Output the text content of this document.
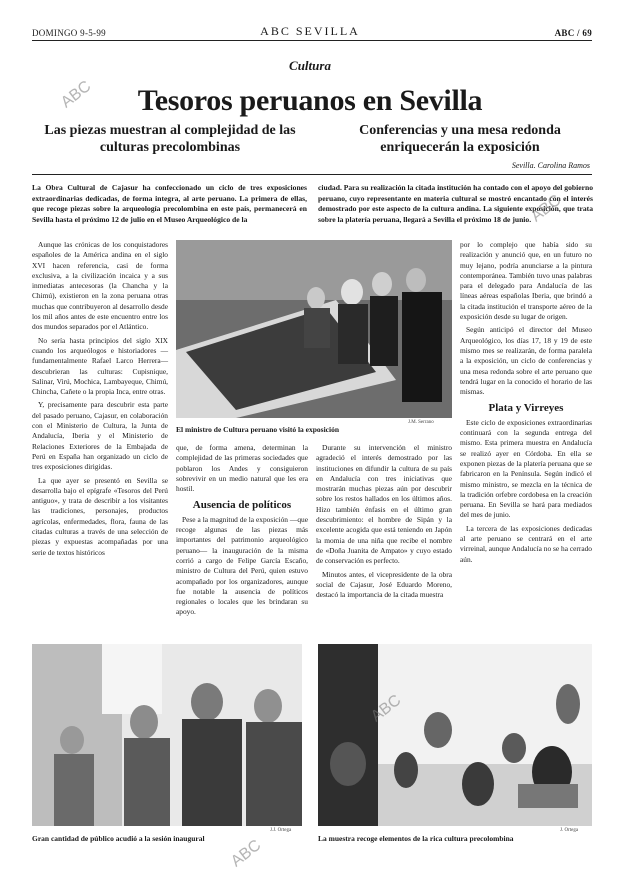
DOMINGO 9-5-99	ABC SEVILLA	ABC / 69
Cultura
Tesoros peruanos en Sevilla
Las piezas muestran al complejidad de las culturas precolombinas
Conferencias y una mesa redonda enriquecerán la exposición
Sevilla. Carolina Ramos
La Obra Cultural de Cajasur ha confeccionado un ciclo de tres exposiciones extraordinarias dedicadas, de forma integra, al arte peruano. La primera de ellas, que recoge piezas sobre la arqueología precolombina en este país, permanecerá en Sevilla hasta el próximo 12 de julio en el Museo Arqueológico de la
ciudad. Para su realización la citada institución ha contado con el apoyo del gobierno peruano, cuyo representante en materia cultural se mostró encantado con el interés demostrado por este aspecto de la cultura andina. La siguiente exposición, que trata sobre la platería peruana, llegará a Sevilla el próximo 18 de junio.
J.M. Serrano
El ministro de Cultura peruano visitó la exposición

Aunque las crónicas de los conquistadores españoles de la América andina en el siglo XVI hacen referencia, casi de forma exclusiva, a la civilización incaica y a sus inmediatas antecesoras (la Chancha y la Chimú), existieron en la zona peruana otras muchas que contribuyeron al desarrollo desde los mil años antes de este encuentro entre los dos mundos separados por el Atlántico.

No sería hasta principios del siglo XIX cuando los arqueólogos e historiadores —fundamentalmente Rafael Larco Herrera— descubrieran las culturas: Cupisnique, Salinar, Virú, Mochica, Lambayeque, Chimú, Chincha, Cañete o la propia Inca, entre otras.

Y, precisamente para descubrir esta parte del pasado peruano, Cajasur, en colaboración con el Ministerio de Cultura, la Junta de Andalucía, Iberia y el Ministerio de Relaciones Exteriores de la Embajada de Perú en España han organizado un ciclo de tres exposiciones dirigidas.

La que ayer se presentó en Sevilla se desarrolla bajo el epígrafe «Tesoros del Perú antiguo», y trata de describir a los visitantes las tradiciones, personajes, productos agrícolas, enfermedades, flora, fauna de las citadas culturas a través de una selección de piezas y expuestas acompañadas por una serie de textos históricos

que, de forma amena, determinan la complejidad de las primeras sociedades que poblaron los Andes y consiguieron sobrevivir en un medio natural que les era hostil.

Ausencia de políticos

Pese a la magnitud de la exposición —que recoge algunas de las piezas más importantes del patrimonio arqueológico peruano— la inauguración de la misma corrió a cargo de Felipe García Escaño, ministro de Cultura del Perú, quien estuvo acompañado por los organizadores, aunque fue notable la ausencia de políticos regionales o locales que les brindaran su apoyo.

Durante su intervención el ministro agradeció el interés demostrado por las instituciones en difundir la cultura de su país en Andalucía con tres iniciativas que mostrarán muchas piezas aún por descubrir sobre los restos hallados en los últimos años. Hizo también énfasis en el último gran descubrimiento: el hombre de Sipán y la excelente acogida que está teniendo en Japón la momia de una niña que recibe el nombre de «Doña Juanita de Ampato» y cuyo estado de conservación es perfecto.

Minutos antes, el vicepresidente de la obra social de Cajasur, José Eduardo Moreno, destacó la importancia de la citada muestra

por lo complejo que había sido su realización y anunció que, en un futuro no muy lejano, podría anunciarse a la pintura contemporánea. También tuvo unas palabras para el delegado para Andalucía de las líneas aéreas españolas Iberia, que brindó a la citada institución el transporte aéreo de la exposición desde su lugar de origen.

Según anticipó el director del Museo Arqueológico, los días 17, 18 y 19 de este mismo mes se realizarán, de forma paralela a la exposición, un ciclo de conferencias y una mesa redonda sobre el arte peruano que tendrá lugar en la conocido el horario de las mismas.

Plata y Virreyes

Este ciclo de exposiciones extraordinarias continuará con la segunda entrega del mismo. Esta primera muestra en Andalucía se realizó ayer en Córdoba. En ella se exponen piezas de la platería peruana que se fabricaron en la Península. Según indicó el mismo ministro, se mezcla en la técnica de la tradición orfebre cordobesa en la creación peruana. En Sevilla se hará para mediados del mes de junio.

La tercera de las exposiciones dedicadas al arte peruano se centrará en el arte virreinal, aunque Andalucía no se ha cerrado aún.

J.J. Ortega
Gran cantidad de público acudió a la sesión inaugural
J. Ortega
La muestra recoge elementos de la rica cultura precolombina
ABC
ABC
ABC
ABC
